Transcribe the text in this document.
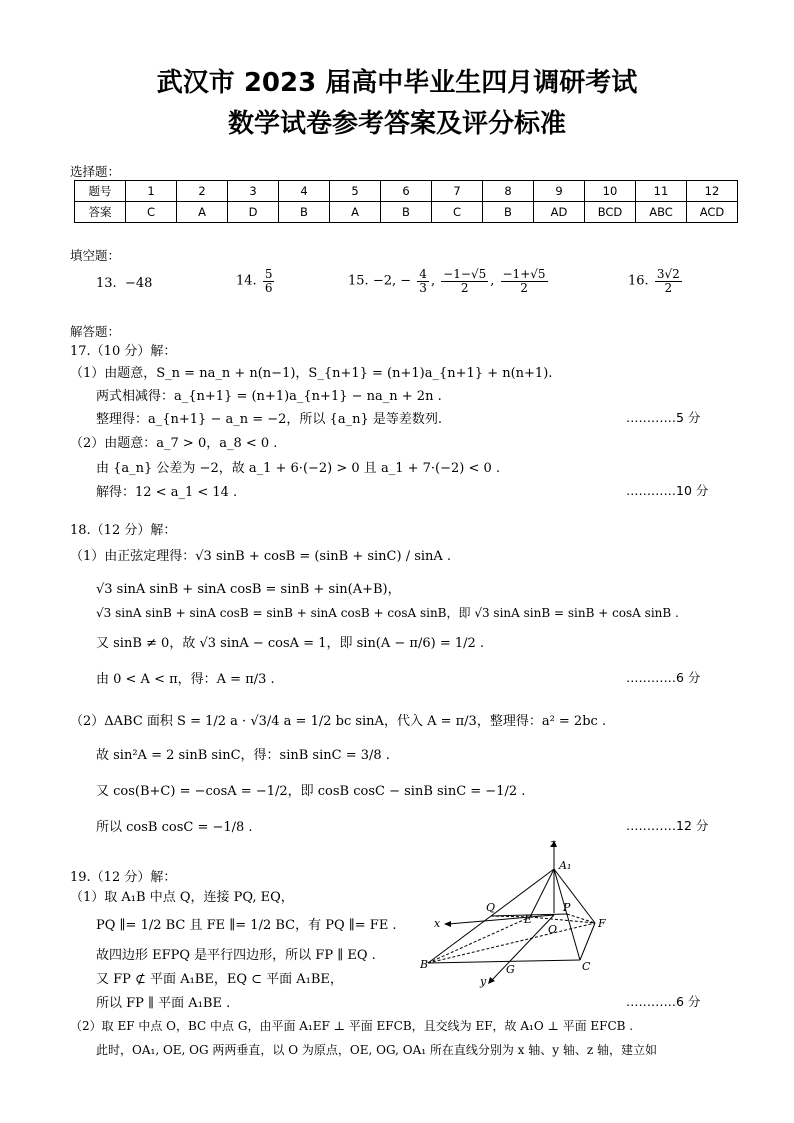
武汉市 2023 届高中毕业生四月调研考试
数学试卷参考答案及评分标准
选择题：
题号	1	2	3	4	5	6	7	8	9	10	11	12
答案	C	A	D	B	A	B	C	B	AD	BCD	ABC	ACD
填空题：
13. −48	14. $\frac{5}{6}$	15. −2, − $\frac{4}{3}$ , $\frac{-1-√5}{2}$ , $\frac{-1+√5}{2}$	16. $\frac{3√2}{2}$
解答题：
17.（10 分）解：
（1）由题意，S_n = na_n + n(n−1)，S_{n+1} = (n+1)a_{n+1} + n(n+1).
两式相减得：a_{n+1} = (n+1)a_{n+1} − na_n + 2n .
整理得：a_{n+1} − a_n = −2，所以 {a_n} 是等差数列.	…………5 分
（2）由题意：a_7 > 0，a_8 < 0 .
由 {a_n} 公差为 −2，故 a_1 + 6·(−2) > 0 且 a_1 + 7·(−2) < 0 .
解得：12 < a_1 < 14 .	…………10 分
18.（12 分）解：
（1）由正弦定理得：√3 sinB + cosB = (sinB + sinC) / sinA .
√3 sinA sinB + sinA cosB = sinB + sin(A+B)，
√3 sinA sinB + sinA cosB = sinB + sinA cosB + cosA sinB，即 √3 sinA sinB = sinB + cosA sinB .
又 sinB ≠ 0，故 √3 sinA − cosA = 1，即 sin(A − π/6) = 1/2 .
由 0 < A < π，得：A = π/3 .	…………6 分
（2）ΔABC 面积 S = 1/2 a · √3/4 a = 1/2 bc sinA，代入 A = π/3，整理得：a² = 2bc .
故 sin²A = 2 sinB sinC，得：sinB sinC = 3/8 .
又 cos(B+C) = −cosA = −1/2，即 cosB cosC − sinB sinC = −1/2 .
所以 cosB cosC = −1/8 .	…………12 分
19.（12 分）解：
（1）取 A₁B 中点 Q，连接 PQ, EQ，
PQ ∥= 1/2 BC 且 FE ∥= 1/2 BC，有 PQ ∥= FE .
故四边形 EFPQ 是平行四边形，所以 FP ∥ EQ .
又 FP ⊄ 平面 A₁BE，EQ ⊂ 平面 A₁BE，
所以 FP ∥ 平面 A₁BE .	…………6 分
（2）取 EF 中点 O，BC 中点 G，由平面 A₁EF ⊥ 平面 EFCB，且交线为 EF，故 A₁O ⊥ 平面 EFCB .
此时，OA₁, OE, OG 两两垂直，以 O 为原点，OE, OG, OA₁ 所在直线分别为 x 轴、y 轴、z 轴，建立如
z
A₁
Q	P
x	E
O	F
B	G	C
y
